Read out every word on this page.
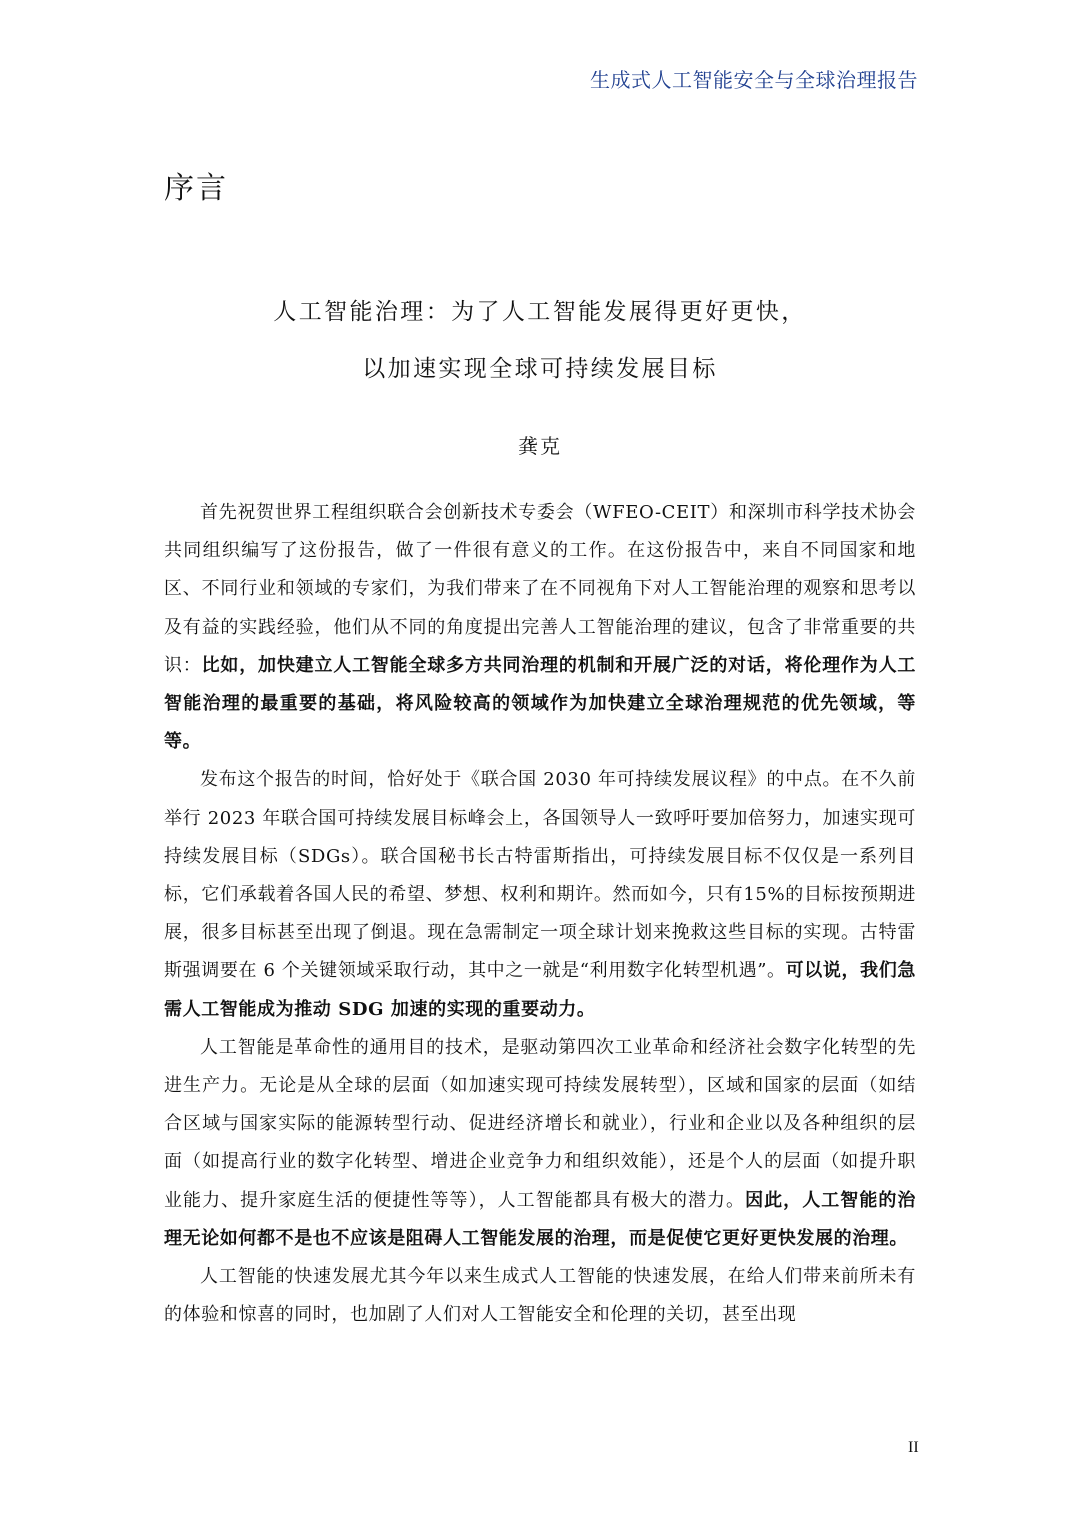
生成式人工智能安全与全球治理报告
序言
人工智能治理：为了人工智能发展得更好更快，
以加速实现全球可持续发展目标
龚克

首先祝贺世界工程组织联合会创新技术专委会（WFEO-CEIT）和深圳市科学技术协会共同组织编写了这份报告，做了一件很有意义的工作。在这份报告中，来自不同国家和地区、不同行业和领域的专家们，为我们带来了在不同视角下对人工智能治理的观察和思考以及有益的实践经验，他们从不同的角度提出完善人工智能治理的建议，包含了非常重要的共识：比如，加快建立人工智能全球多方共同治理的机制和开展广泛的对话，将伦理作为人工智能治理的最重要的基础，将风险较高的领域作为加快建立全球治理规范的优先领域，等等。

发布这个报告的时间，恰好处于《联合国 2030 年可持续发展议程》的中点。在不久前举行 2023 年联合国可持续发展目标峰会上，各国领导人一致呼吁要加倍努力，加速实现可持续发展目标（SDGs）。联合国秘书长古特雷斯指出，可持续发展目标不仅仅是一系列目标，它们承载着各国人民的希望、梦想、权利和期许。然而如今，只有15%的目标按预期进展，很多目标甚至出现了倒退。现在急需制定一项全球计划来挽救这些目标的实现。古特雷斯强调要在 6 个关键领域采取行动，其中之一就是“利用数字化转型机遇”。可以说，我们急需人工智能成为推动 SDG 加速的实现的重要动力。

人工智能是革命性的通用目的技术，是驱动第四次工业革命和经济社会数字化转型的先进生产力。无论是从全球的层面（如加速实现可持续发展转型），区域和国家的层面（如结合区域与国家实际的能源转型行动、促进经济增长和就业），行业和企业以及各种组织的层面（如提高行业的数字化转型、增进企业竞争力和组织效能），还是个人的层面（如提升职业能力、提升家庭生活的便捷性等等），人工智能都具有极大的潜力。因此，人工智能的治理无论如何都不是也不应该是阻碍人工智能发展的治理，而是促使它更好更快发展的治理。

人工智能的快速发展尤其今年以来生成式人工智能的快速发展，在给人们带来前所未有的体验和惊喜的同时，也加剧了人们对人工智能安全和伦理的关切，甚至出现

II
